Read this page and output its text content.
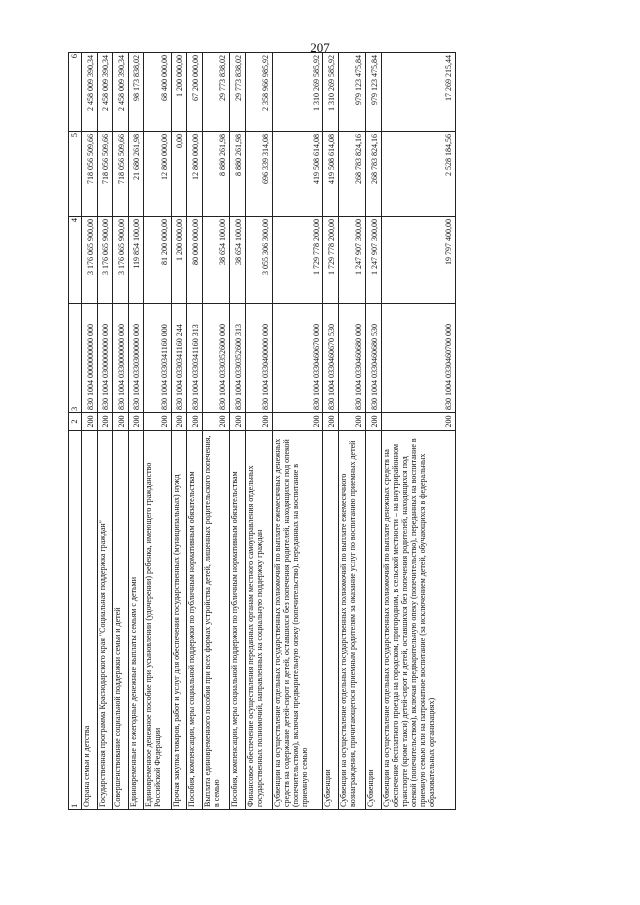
207
1	2	3	4	5	6
Охрана семьи и детства	200	830 1004 0000000000 000	3 176 065 900,00	718 056 509,66	2 458 009 390,34
Государственная программа Краснодарского края "Социальная поддержка граждан"	200	830 1004 0300000000 000	3 176 065 900,00	718 056 509,66	2 458 009 390,34
Совершенствование социальной поддержки семьи и детей	200	830 1004 0330000000 000	3 176 065 900,00	718 056 509,66	2 458 009 390,34
Единовременные и ежегодные денежные выплаты семьям с детьми	200	830 1004 0330300000 000	119 854 100,00	21 680 261,98	98 173 838,02
Единовременное денежное пособие при усыновлении (удочерении) ребенка, имеющего гражданство Российской Федерации	200	830 1004 0330341160 000	81 200 000,00	12 800 000,00	68 400 000,00
Прочая закупка товаров, работ и услуг для обеспечения государственных (муниципальных) нужд	200	830 1004 0330341160 244	1 200 000,00	0,00	1 200 000,00
Пособия, компенсации, меры социальной поддержки по публичным нормативным обязательствам	200	830 1004 0330341160 313	80 000 000,00	12 800 000,00	67 200 000,00
Выплата единовременного пособия при всех формах устройства детей, лишенных родительского попечения, в семью	200	830 1004 0330352600 000	38 654 100,00	8 880 261,98	29 773 838,02
Пособия, компенсации, меры социальной поддержки по публичным нормативным обязательствам	200	830 1004 0330352600 313	38 654 100,00	8 880 261,98	29 773 838,02
Финансовое обеспечение осуществления переданных органам местного самоуправления отдельных государственных полномочий, направленных на социальную поддержку граждан	200	830 1004 0330400000 000	3 055 306 300,00	696 339 314,08	2 358 966 985,92
Субвенции на осуществление отдельных государственных полномочий по выплате ежемесячных денежных средств на содержание детей-сирот и детей, оставшихся без попечения родителей, находящихся под опекой (попечительством), включая предварительную опеку (попечительство), переданных на воспитание в приемную семью	200	830 1004 0330460670 000	1 729 778 200,00	419 508 614,08	1 310 269 585,92
Субвенции	200	830 1004 0330460670 530	1 729 778 200,00	419 508 614,08	1 310 269 585,92
Субвенции на осуществление отдельных государственных полномочий по выплате ежемесячного вознаграждения, причитающегося приемным родителям за оказание услуг по воспитанию приемных детей	200	830 1004 0330460680 000	1 247 907 300,00	268 783 824,16	979 123 475,84
Субвенции	200	830 1004 0330460680 530	1 247 907 300,00	268 783 824,16	979 123 475,84
Субвенции на осуществление отдельных государственных полномочий по выплате денежных средств на обеспечение бесплатного проезда на городском, пригородном, в сельской местности – на внутрирайонном транспорте (кроме такси) детей-сирот и детей, оставшихся без попечения родителей, находящихся под опекой (попечительством), включая предварительную опеку (попечительство), переданных на воспитание в приемную семью или на патронатное воспитание (за исключением детей, обучающихся в федеральных образовательных организациях)	200	830 1004 0330460700 000	19 797 400,00	2 528 184,56	17 269 215,44
